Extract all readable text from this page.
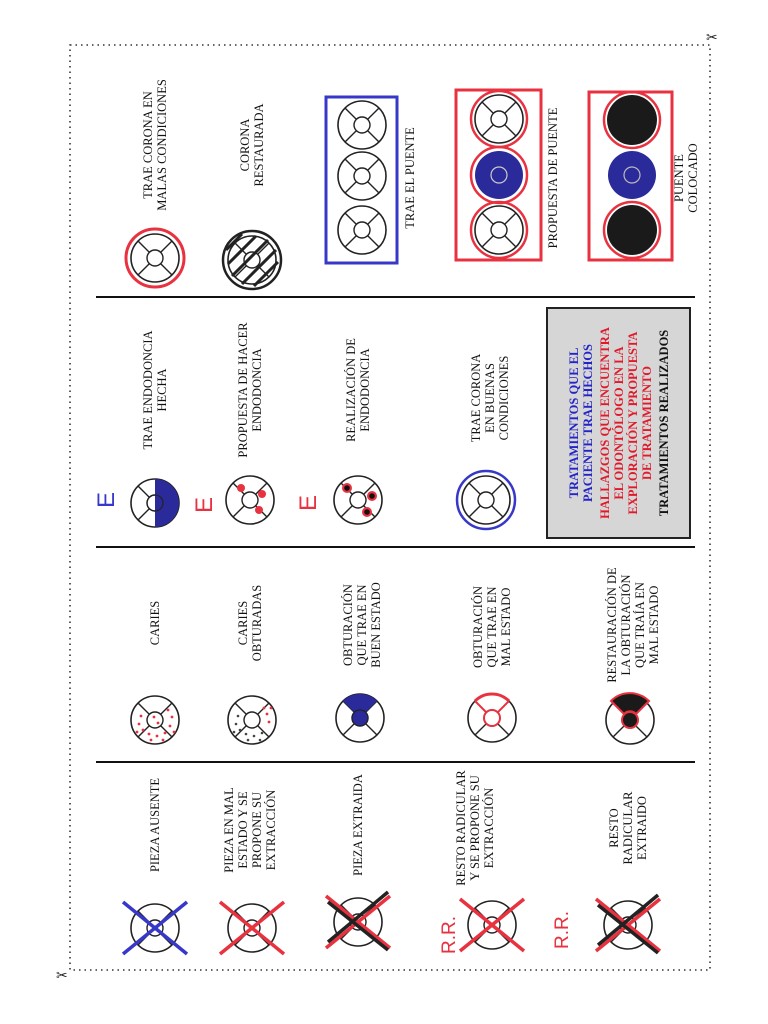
E	E	E
R.R.	R.R.
✂
✂
TRAE CORONA EN
MALAS CONDICIONES	CORONA
RESTAURADA	TRAE EL PUENTE	PROPUESTA DE PUENTE	PUENTE COLOCADO
TRAE ENDODONCIA
HECHA	PROPUESTA DE HACER
ENDODONCIA	REALIZACIÓN DE
ENDODONCIA	TRAE CORONA
EN BUENAS
CONDICIONES	TRATAMIENTOS QUE EL
PACIENTE TRAE HECHOS
HALLAZGOS QUE ENCUENTRA
EL ODONTÓLOGO EN LA
EXPLORACIÓN Y PROPUESTA
DE TRATAMIENTO TRATAMIENTOS REALIZADOS
CARIES	CARIES
OBTURADAS	OBTURACIÓN
QUE TRAE EN
BUEN ESTADO	OBTURACIÓN
QUE TRAE EN
MAL ESTADO	RESTAURACIÓN DE
LA OBTURACIÓN
QUE TRAÍA EN
MAL ESTADO
PIEZA AUSENTE	PIEZA EN MAL
ESTADO Y SE
PROPONE SU
EXTRACCIÓN	PIEZA EXTRAIDA	RESTO RADICULAR
Y SE PROPONE SU
EXTRACCIÓN	RESTO
RADICULAR
EXTRAIDO
